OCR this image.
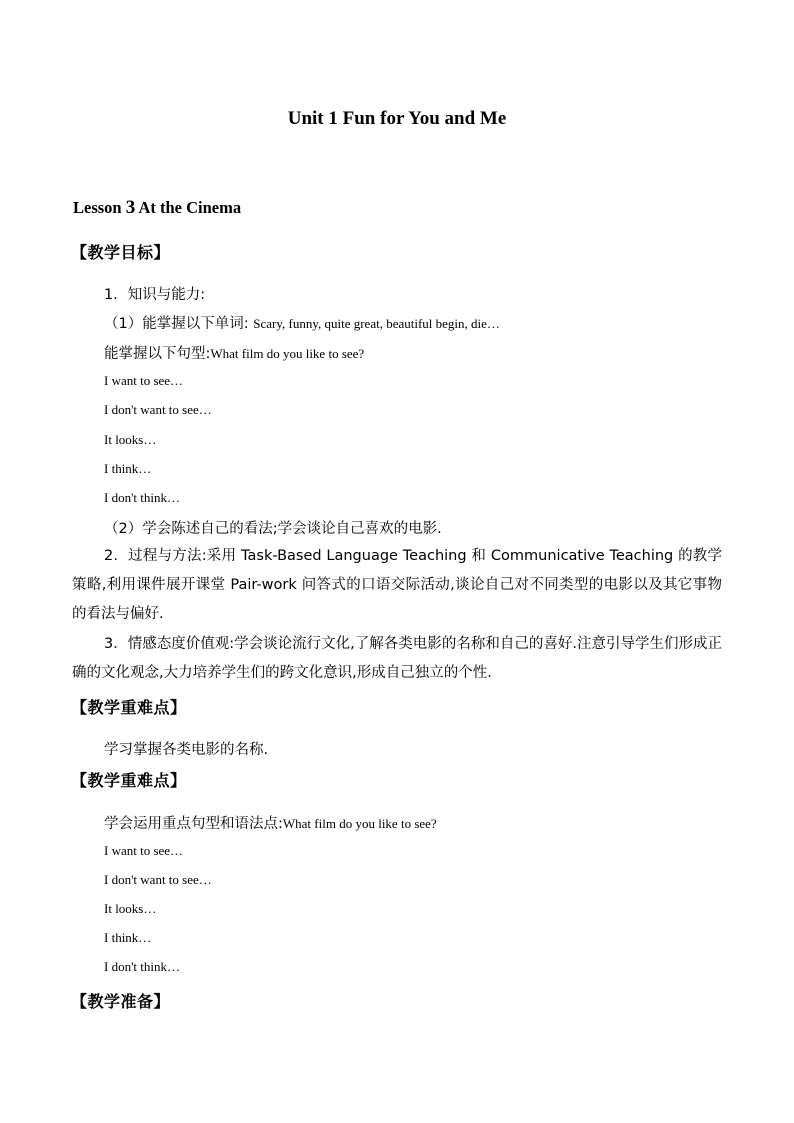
Unit 1 Fun for You and Me
Lesson 3 At the Cinema
【教学目标】
1．知识与能力:
（1）能掌握以下单词: Scary, funny, quite great, beautiful begin, die…
能掌握以下句型:What film do you like to see?
I want to see…
I don't want to see…
It looks…
I think…
I don't think…
（2）学会陈述自己的看法;学会谈论自己喜欢的电影.
2．过程与方法:采用 Task-Based Language Teaching 和 Communicative Teaching 的教学策略,利用课件展开课堂 Pair-work 问答式的口语交际活动,谈论自己对不同类型的电影以及其它事物的看法与偏好.
3．情感态度价值观:学会谈论流行文化,了解各类电影的名称和自己的喜好.注意引导学生们形成正确的文化观念,大力培养学生们的跨文化意识,形成自己独立的个性.
【教学重难点】
学习掌握各类电影的名称.
【教学重难点】
学会运用重点句型和语法点:What film do you like to see?
I want to see…
I don't want to see…
It looks…
I think…
I don't think…
【教学准备】
